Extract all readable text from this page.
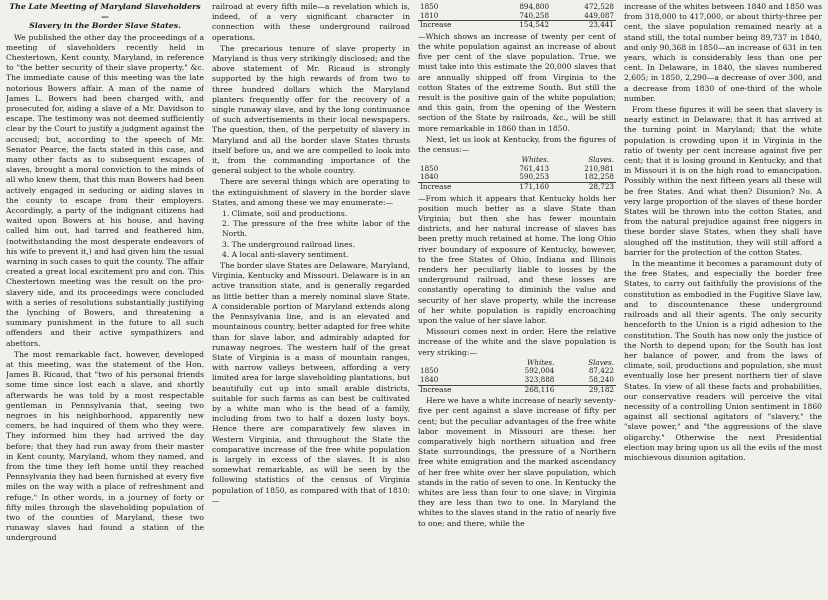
The Late Meeting of Maryland Slaveholders—
Slavery in the Border Slave States.

We published the other day the proceedings of a meeting of slaveholders recently held in Chestertown, Kent county, Maryland, in reference to "the better security of their slave property," &c. The immediate cause of this meeting was the late notorious Bowers affair. A man of the name of James L. Bowers had been charged with, and prosecuted for, aiding a slave of a Mr. Davidson to escape. The testimony was not deemed sufficiently clear by the Court to justify a judgment against the accused; but, according to the speech of Mr. Senator Pearce, the facts stated in this case, and many other facts as to subsequent escapes of slaves, brought a moral conviction to the minds of all who knew them, that this man Bowers had been actively engaged in seducing or aiding slaves in the county to escape from their employers. Accordingly, a party of the indignant citizens had waited upon Bowers at his house, and having called him out, had tarred and feathered him, (notwithstanding the most desperate endeavors of his wife to prevent it,) and had given him the usual warning in such cases to quit the county. The affair created a great local excitement pro and con. This Chestertown meeting was the result on the pro-slavery side, and its proceedings were concluded with a series of resolutions substantially justifying the lynching of Bowers, and threatening a summary punishment in the future to all such offenders and their active sympathizers and abettors.

The most remarkable fact, however, developed at this meeting, was the statement of the Hon. James B. Ricaud, that "two of his personal friends some time since lost each a slave, and shortly afterwards he was told by a most respectable gentleman in Pennsylvania that, seeing two negroes in his neighborhood, apparently new comers, he had inquired of them who they were. They informed him they had arrived the day before; that they had run away from their master in Kent county, Maryland, whom they named, and from the time they left home until they reached Pennsylvania they had been furnished at every five miles on the way with a place of refreshment and refuge." In other words, in a journey of forty or fifty miles through the slaveholding population of two of the counties of Maryland, these two runaway slaves had found a station of the underground

railroad at every fifth mile—a revelation which is, indeed, of a very significant character in connection with these underground railroad operations.

The precarious tenure of slave property in Maryland is thus very strikingly disclosed; and the above statement of Mr. Ricaud is strongly supported by the high rewards of from two to three hundred dollars which the Maryland planters frequently offer for the recovery of a single runaway slave, and by the long continuance of such advertisements in their local newspapers. The question, then, of the perpetuity of slavery in Maryland and all the border slave States thrusts itself before us, and we are compelled to look into it, from the commanding importance of the general subject to the whole country.

There are several things which are operating to the extinguishment of slavery in the border slave States, and among these we may enumerate:—

1. Climate, soil and productions.
2. The pressure of the free white labor of the North.
3. The underground railroad lines.
4. A local anti-slavery sentiment.

The border slave States are Delaware, Maryland, Virginia, Kentucky and Missouri. Delaware is in an active transition state, and is generally regarded as little better than a merely nominal slave State. A considerable portion of Maryland extends along the Pennsylvania line, and is an elevated and mountainous country, better adapted for free white than for slave labor, and admirably adapted for runaway negroes. The western half of the great State of Virginia is a mass of mountain ranges, with narrow valleys between, affording a very limited area for large slaveholding plantations, but beautifully cut up into small arable districts, suitable for such farms as can best be cultivated by a white man who is the head of a family, including from two to half a dozen lusty boys. Hence there are comparatively few slaves in Western Virginia, and throughout the State the comparative increase of the free white population is largely in excess of the slaves. It is also somewhat remarkable, as will be seen by the following statistics of the census of Virginia population of 1850, as compared with that of 1810:—

1850	894,800	472,528
1810	740,258	449,087
Increase	154,542	23,441

—Which shows an increase of twenty per cent of the white population against an increase of about five per cent of the slave population. True, we must take into this estimate the 20,000 slaves that are annually shipped off from Virginia to the cotton States of the extreme South. But still the result is the positive gain of the white population; and this gain, from the opening of the Western section of the State by railroads, &c., will be still more remarkable in 1860 than in 1850.

Next, let us look at Kentucky, from the figures of the census:—

	Whites.	Slaves.
1850	761,413	210,981
1840	590,253	182,258
Increase	171,160	28,723

—From which it appears that Kentucky holds her position much better as a slave State than Virginia; but then she has fewer mountain districts, and her natural increase of slaves has been pretty much retained at home. The long Ohio river boundary of exposure of Kentucky, however, to the free States of Ohio, Indiana and Illinois renders her peculiarly liable to losses by the underground railroad, and these losses are constantly operating to diminish the value and security of her slave property, while the increase of her white population is rapidly encroaching upon the value of her slave labor.

Missouri comes next in order. Here the relative increase of the white and the slave population is very striking:—

	Whites.	Slaves.
1850	592,004	87,422
1840	323,888	58,240
Increase	268,116	29,182

Here we have a white increase of nearly seventy-five per cent against a slave increase of fifty per cent; but the peculiar advantages of the free white labor movement in Missouri are these: her comparatively high northern situation and free State surroundings, the pressure of a Northern free white emigration and the marked ascendancy of her free white over her slave population, which stands in the ratio of seven to one. In Kentucky the whites are less than four to one slave; in Virginia they are less than two to one. In Maryland the whites to the slaves stand in the ratio of nearly five to one; and there, while the

increase of the whites between 1840 and 1850 was from 318,000 to 417,000, or about thirty-three per cent, the slave population remained nearly at a stand still, the total number being 89,737 in 1840, and only 90,368 in 1850—an increase of 631 in ten years, which is considerably less than one per cent. In Delaware, in 1840, the slaves numbered 2,605; in 1850, 2,290—a decrease of over 300, and a decrease from 1830 of one-third of the whole number.

From these figures it will be seen that slavery is nearly extinct in Delaware; that it has arrived at the turning point in Maryland; that the white population is crowding upon it in Virginia in the ratio of twenty per cent increase against five per cent; that it is losing ground in Kentucky, and that in Missouri it is on the high road to emancipation. Possibly within the next fifteen years all these will be free States. And what then? Disunion? No. A very large proportion of the slaves of these border States will be thrown into the cotton States, and from the natural prejudice against free niggers in these border slave States, when they shall have sloughed off the institution, they will still afford a barrier for the protection of the cotton States.

In the meantime it becomes a paramount duty of the free States, and especially the border free States, to carry out faithfully the provisions of the constitution as embodied in the Fugitive Slave law, and to discountenance these underground railroads and all their agents. The only security henceforth to the Union is a rigid adhesion to the constitution. The South has now only the justice of the North to depend upon; for the South has lost her balance of power, and from the laws of climate, soil, productions and population, she must eventually lose her present northern tier of slave States. In view of all these facts and probabilities, our conservative readers will perceive the vital necessity of a controlling Union sentiment in 1860 against all sectional agitators of "slavery," the "slave power," and "the aggressions of the slave oligarchy." Otherwise the next Presidential election may bring upon us all the evils of the most mischievous disunion agitation.
